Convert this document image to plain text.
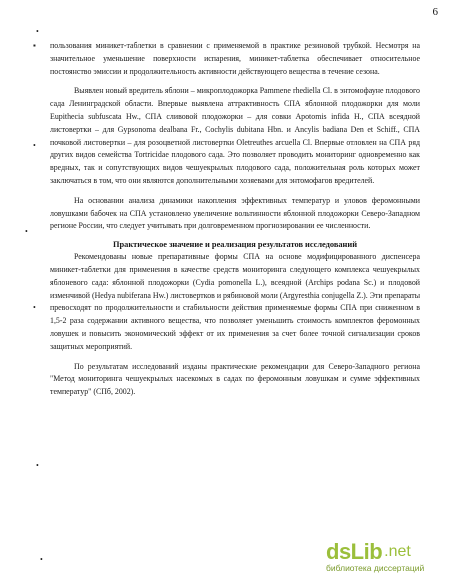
6
•
▪
•
•
•
•
•

пользования миникет-таблетки в сравнении с применяемой в практике резиновой трубкой. Несмотря на значительное уменьшение поверхности испарения, миникет-таблетка обеспечивает относительное постоянство эмиссии и продолжительность активности действующего вещества в течение сезона.

Выявлен новый вредитель яблони – микроплодожорка Pammene rhediella Cl. в энтомофауне плодового сада Ленинградской области. Впервые выявлена аттрактивность СПА яблонной плодожорки для моли Eupithecia subfuscata Hw., СПА сливовой плодожорки – для совки Apotomis infida H., СПА всеядной листовертки – для Gypsonoma dealbana Fr., Cochylis dubitana Hbn. и Ancylis badiana Den et Schiff., СПА почковой листовертки – для розоцветной листовертки Oletreuthes arcuella Cl. Впервые отловлен на СПА ряд других видов семейства Tortricidae плодового сада. Это позволяет проводить мониторинг одновременно как вредных, так и сопутствующих видов чешуекрылых плодового сада, положительная роль которых может заключаться в том, что они являются дополнительными хозяевами для энтомофагов вредителей.

На основании анализа динамики накопления эффективных температур и уловов феромонными ловушками бабочек на СПА установлено увеличение вольтинности яблонной плодожорки Северо-Западном регионе России, что следует учитывать при долговременном прогнозировании ее численности.

Практическое значение и реализация результатов исследований

Рекомендованы новые препаративные формы СПА на основе модифицированного диспенсера миникет-таблетки для применения в качестве средств мониторинга следующего комплекса чешуекрылых яблоневого сада: яблонной плодожорки (Cydia pomonella L.), всеядной (Archips podana Sc.) и плодовой изменчивой (Hedya nubiferana Hw.) листовертков и рябиновой моли (Argyresthia conjugella Z.). Эти препараты превосходят по продолжительности и стабильности действия применяемые формы СПА при сниженном в 1,5-2 раза содержании активного вещества, что позволяет уменьшить стоимость комплектов феромонных ловушек и повысить экономический эффект от их применения за счет более точной сигнализации сроков защитных мероприятий.

По результатам исследований изданы практические рекомендации для Северо-Западного региона "Метод мониторинга чешуекрылых насекомых в садах по феромонным ловушкам и сумме эффективных температур" (СПб, 2002).

dsLib .net
библиотека диссертаций
